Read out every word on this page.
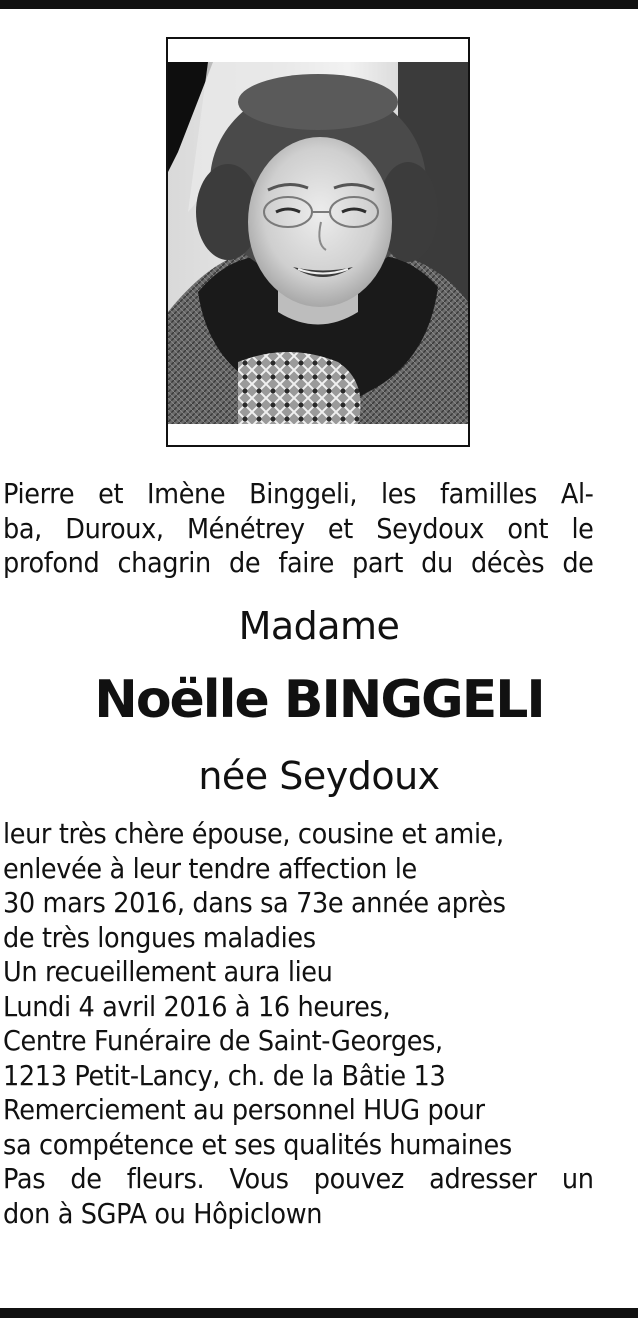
Pierre et Imène Binggeli, les familles Al-
ba, Duroux, Ménétrey et Seydoux ont le
profond chagrin de faire part du décès de
Madame
Noëlle BINGGELI
née Seydoux
leur très chère épouse, cousine et amie,
enlevée à leur tendre affection le
30 mars 2016, dans sa 73e année après
de très longues maladies
Un recueillement aura lieu
Lundi 4 avril 2016 à 16 heures,
Centre Funéraire de Saint-Georges,
1213 Petit-Lancy, ch. de la Bâtie 13
Remerciement au personnel HUG pour
sa compétence et ses qualités humaines
Pas de fleurs. Vous pouvez adresser un
don à SGPA ou Hôpiclown
